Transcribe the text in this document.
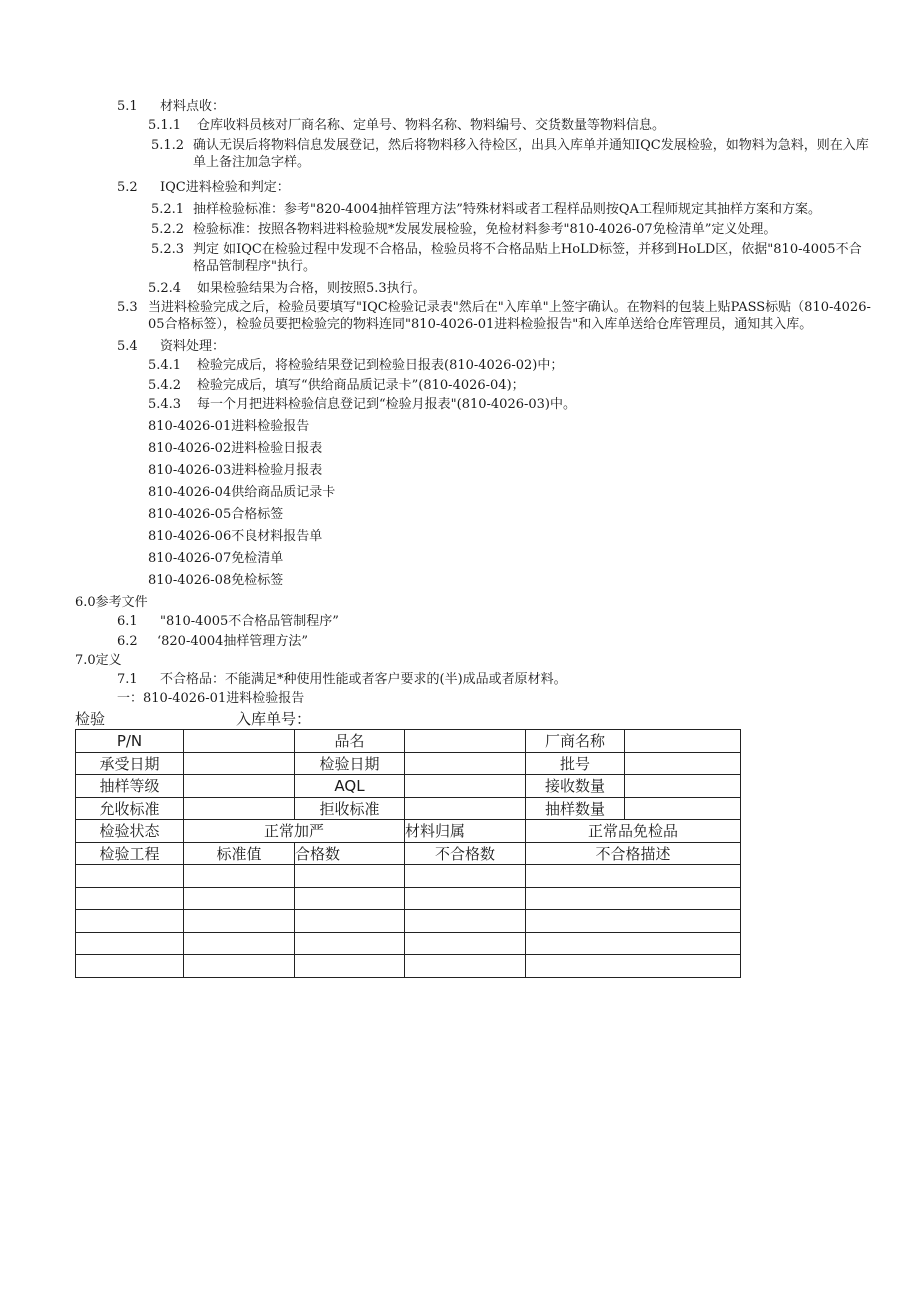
5.1 材料点收：
5.1.1 仓库收料员核对厂商名称、定单号、物料名称、物料编号、交货数量等物料信息。
5.1.2 确认无误后将物料信息发展登记，然后将物料移入待检区，出具入库单并通知IQC发展检验，如物料为急料，则在入库单上备注加急字样。
5.2 IQC进料检验和判定：
5.2.1 抽样检验标准：参考"820-4004抽样管理方法”特殊材料或者工程样品则按QA工程师规定其抽样方案和方案。
5.2.2 检验标准：按照各物料进料检验规*发展发展检验，免检材料参考"810-4026-07免检清单”定义处理。
5.2.3 判定 如IQC在检验过程中发现不合格品，检验员将不合格品贴上HoLD标签，并移到HoLD区，依据"810-4005不合格品管制程序"执行。
5.2.4 如果检验结果为合格，则按照5.3执行。
5.3 当进料检验完成之后，检验员要填写"IQC检验记录表"然后在"入库单"上签字确认。在物料的包装上贴PASS标贴（810-4026-05合格标签），检验员要把检验完的物料连同"810-4026-01进料检验报告"和入库单送给仓库管理员，通知其入库。
5.4 资料处理：
5.4.1 检验完成后，将检验结果登记到检验日报表(810-4026-02)中；
5.4.2 检验完成后，填写“供给商品质记录卡”(810-4026-04)；
5.4.3 每一个月把进料检验信息登记到“检验月报表"(810-4026-03)中。
810-4026-01进料检验报告
810-4026-02进料检验日报表
810-4026-03进料检验月报表
810-4026-04供给商品质记录卡
810-4026-05合格标签
810-4026-06不良材料报告单
810-4026-07免检清单
810-4026-08免检标签
6.0参考文件
6.1 "810-4005不合格品管制程序”
6.2 ‘820-4004抽样管理方法”
7.0定义
7.1 不合格品：不能满足*种使用性能或者客户要求的(半)成品或者原材料。
一：810-4026-01进料检验报告
检验	入库单号：
P/N		品名		厂商名称	
承受日期		检验日期		批号	
抽样等级		AQL		接收数量	
允收标准		拒收标准		抽样数量	
检验状态	正常加严		材料归属	正常品免检品	
检验工程	标准值	合格数	不合格数	不合格描述	
